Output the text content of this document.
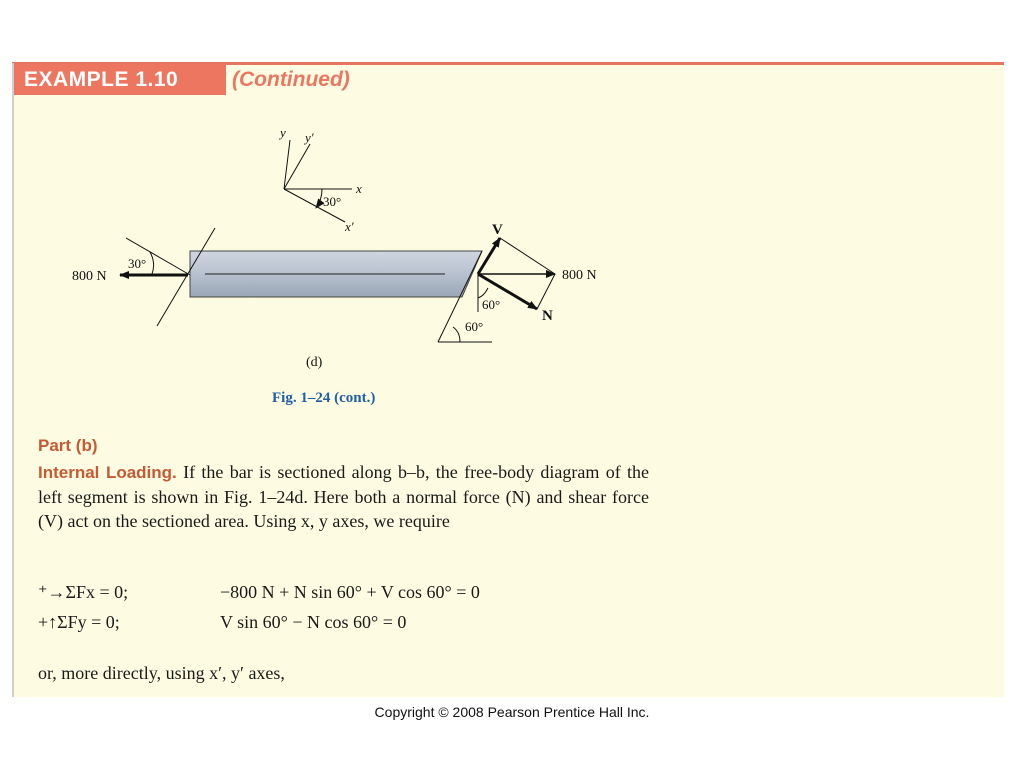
EXAMPLE 1.10	(Continued)
y y′
x
x′
30°
30°
800 N	800 N
V
N
60°
60°
(d)
Fig. 1–24 (cont.)
Part (b)
Internal Loading. If the bar is sectioned along b–b, the free-body diagram of the left segment is shown in Fig. 1–24d. Here both a normal force (N) and shear force (V) act on the sectioned area. Using x, y axes, we require
⁺→ΣFx = 0;	−800 N + N sin 60° + V cos 60° = 0
+↑ΣFy = 0;	V sin 60° − N cos 60° = 0
or, more directly, using x′, y′ axes,
Copyright © 2008 Pearson Prentice Hall Inc.
